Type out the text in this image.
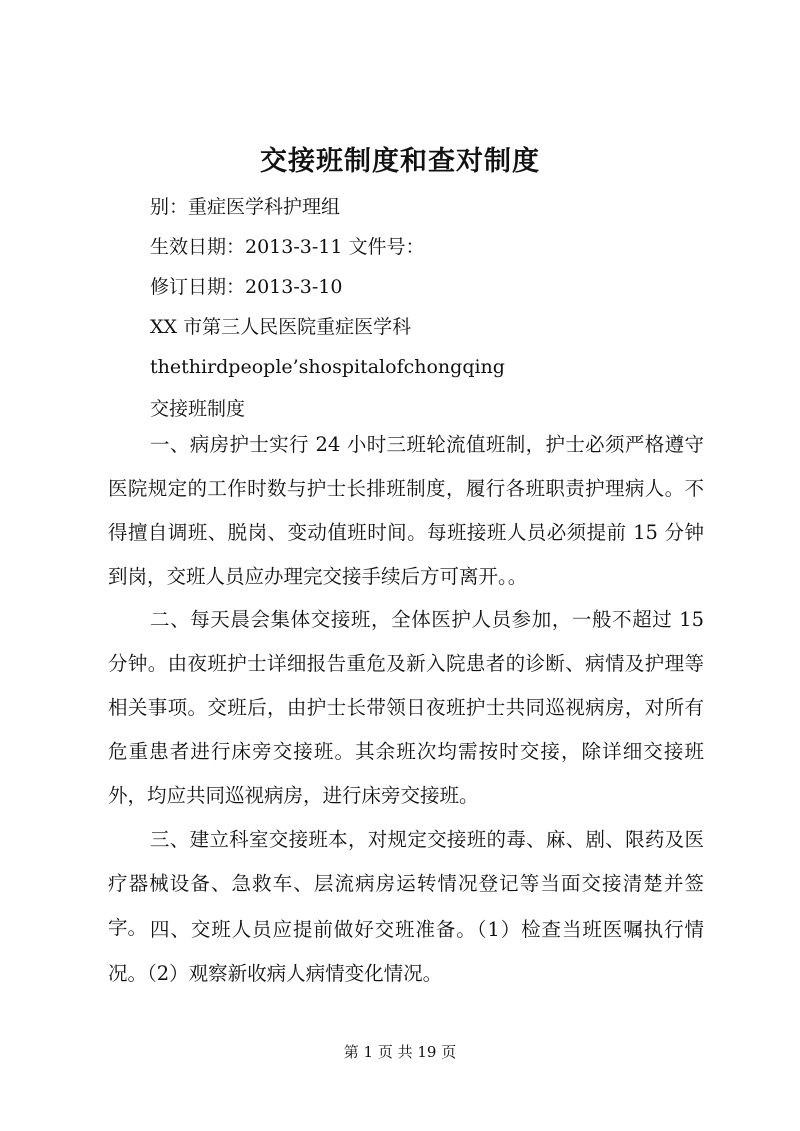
交接班制度和查对制度
别：重症医学科护理组
生效日期：2013-3-11 文件号：
修订日期：2013-3-10
XX 市第三人民医院重症医学科
thethirdpeople’shospitalofchongqing
交接班制度

一、病房护士实行 24 小时三班轮流值班制，护士必须严格遵守医院规定的工作时数与护士长排班制度，履行各班职责护理病人。不得擅自调班、脱岗、变动值班时间。每班接班人员必须提前 15 分钟到岗，交班人员应办理完交接手续后方可离开。。

二、每天晨会集体交接班，全体医护人员参加，一般不超过 15 分钟。由夜班护士详细报告重危及新入院患者的诊断、病情及护理等相关事项。交班后，由护士长带领日夜班护士共同巡视病房，对所有危重患者进行床旁交接班。其余班次均需按时交接，除详细交接班外，均应共同巡视病房，进行床旁交接班。

三、建立科室交接班本，对规定交接班的毒、麻、剧、限药及医疗器械设备、急救车、层流病房运转情况登记等当面交接清楚并签字。 四、交班人员应提前做好交班准备。（1）检查当班医嘱执行情况。（2）观察新收病人病情变化情况。

第 1 页 共 19 页
